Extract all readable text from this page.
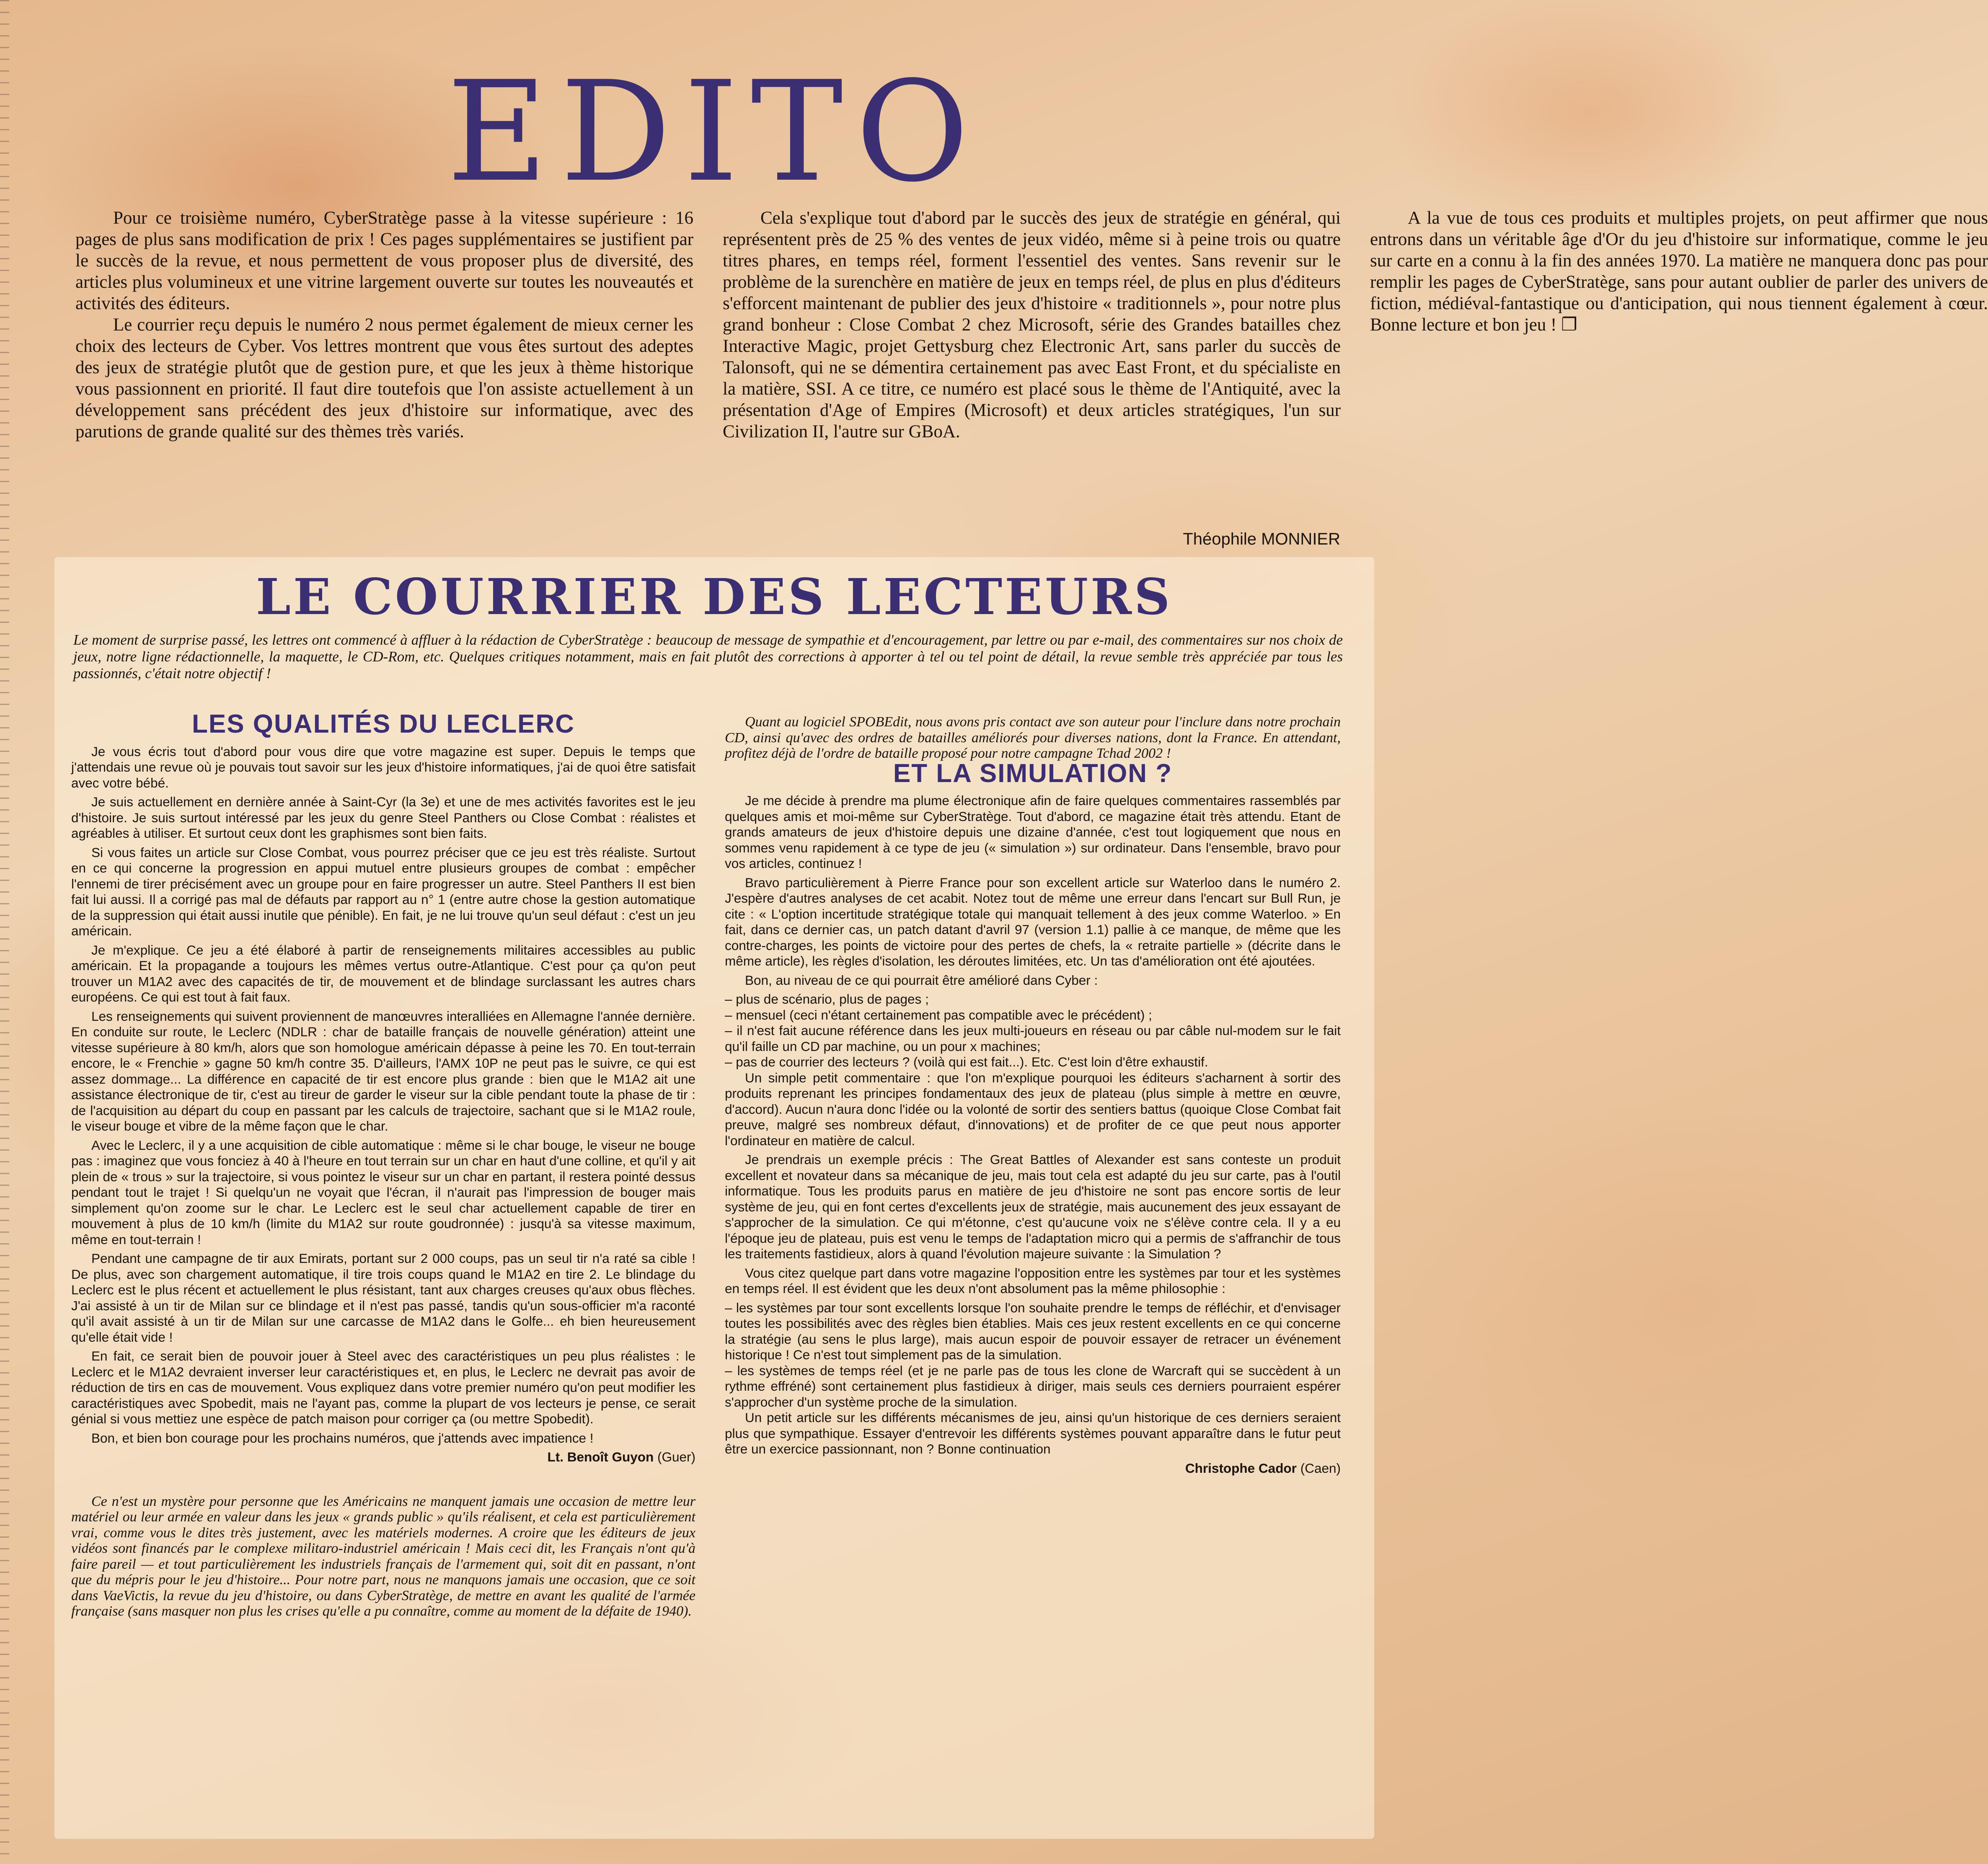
EDITO

Pour ce troisième numéro, CyberStratège passe à la vitesse supérieure : 16 pages de plus sans modification de prix ! Ces pages supplémentaires se justifient par le succès de la revue, et nous permettent de vous proposer plus de diversité, des articles plus volumineux et une vitrine largement ouverte sur toutes les nouveautés et activités des éditeurs.

Le courrier reçu depuis le numéro 2 nous permet également de mieux cerner les choix des lecteurs de Cyber. Vos lettres montrent que vous êtes surtout des adeptes des jeux de stratégie plutôt que de gestion pure, et que les jeux à thème historique vous passionnent en priorité. Il faut dire toutefois que l'on assiste actuellement à un développement sans précédent des jeux d'histoire sur informatique, avec des parutions de grande qualité sur des thèmes très variés.

Cela s'explique tout d'abord par le succès des jeux de stratégie en général, qui représentent près de 25 % des ventes de jeux vidéo, même si à peine trois ou quatre titres phares, en temps réel, forment l'essentiel des ventes. Sans revenir sur le problème de la surenchère en matière de jeux en temps réel, de plus en plus d'éditeurs s'efforcent maintenant de publier des jeux d'histoire « traditionnels », pour notre plus grand bonheur : Close Combat 2 chez Microsoft, série des Grandes batailles chez Interactive Magic, projet Gettysburg chez Electronic Art, sans parler du succès de Talonsoft, qui ne se démentira certainement pas avec East Front, et du spécialiste en la matière, SSI. A ce titre, ce numéro est placé sous le thème de l'Antiquité, avec la présentation d'Age of Empires (Microsoft) et deux articles stratégiques, l'un sur Civilization II, l'autre sur GBoA.

A la vue de tous ces produits et multiples projets, on peut affirmer que nous entrons dans un véritable âge d'Or du jeu d'histoire sur informatique, comme le jeu sur carte en a connu à la fin des années 1970. La matière ne manquera donc pas pour remplir les pages de CyberStratège, sans pour autant oublier de parler des univers de fiction, médiéval-fantastique ou d'anticipation, qui nous tiennent également à cœur. Bonne lecture et bon jeu ! ❐

Théophile MONNIER

LE COURRIER DES LECTEURS

Le moment de surprise passé, les lettres ont commencé à affluer à la rédaction de CyberStratège : beaucoup de message de sympathie et d'encouragement, par lettre ou par e-mail, des commentaires sur nos choix de jeux, notre ligne rédactionnelle, la maquette, le CD-Rom, etc. Quelques critiques notamment, mais en fait plutôt des corrections à apporter à tel ou tel point de détail, la revue semble très appréciée par tous les passionnés, c'était notre objectif !

LES QUALITÉS DU LECLERC

Je vous écris tout d'abord pour vous dire que votre magazine est super. Depuis le temps que j'attendais une revue où je pouvais tout savoir sur les jeux d'histoire informatiques, j'ai de quoi être satisfait avec votre bébé.

Je suis actuellement en dernière année à Saint-Cyr (la 3e) et une de mes activités favorites est le jeu d'histoire. Je suis surtout intéressé par les jeux du genre Steel Panthers ou Close Combat : réalistes et agréables à utiliser. Et surtout ceux dont les graphismes sont bien faits.

Si vous faites un article sur Close Combat, vous pourrez préciser que ce jeu est très réaliste. Surtout en ce qui concerne la progression en appui mutuel entre plusieurs groupes de combat : empêcher l'ennemi de tirer précisément avec un groupe pour en faire progresser un autre. Steel Panthers II est bien fait lui aussi. Il a corrigé pas mal de défauts par rapport au n° 1 (entre autre chose la gestion automatique de la suppression qui était aussi inutile que pénible). En fait, je ne lui trouve qu'un seul défaut : c'est un jeu américain.

Je m'explique. Ce jeu a été élaboré à partir de renseignements militaires accessibles au public américain. Et la propagande a toujours les mêmes vertus outre-Atlantique. C'est pour ça qu'on peut trouver un M1A2 avec des capacités de tir, de mouvement et de blindage surclassant les autres chars européens. Ce qui est tout à fait faux.

Les renseignements qui suivent proviennent de manœuvres interalliées en Allemagne l'année dernière. En conduite sur route, le Leclerc (NDLR : char de bataille français de nouvelle génération) atteint une vitesse supérieure à 80 km/h, alors que son homologue américain dépasse à peine les 70. En tout-terrain encore, le « Frenchie » gagne 50 km/h contre 35. D'ailleurs, l'AMX 10P ne peut pas le suivre, ce qui est assez dommage... La différence en capacité de tir est encore plus grande : bien que le M1A2 ait une assistance électronique de tir, c'est au tireur de garder le viseur sur la cible pendant toute la phase de tir : de l'acquisition au départ du coup en passant par les calculs de trajectoire, sachant que si le M1A2 roule, le viseur bouge et vibre de la même façon que le char.

Avec le Leclerc, il y a une acquisition de cible automatique : même si le char bouge, le viseur ne bouge pas : imaginez que vous fonciez à 40 à l'heure en tout terrain sur un char en haut d'une colline, et qu'il y ait plein de « trous » sur la trajectoire, si vous pointez le viseur sur un char en partant, il restera pointé dessus pendant tout le trajet ! Si quelqu'un ne voyait que l'écran, il n'aurait pas l'impression de bouger mais simplement qu'on zoome sur le char. Le Leclerc est le seul char actuellement capable de tirer en mouvement à plus de 10 km/h (limite du M1A2 sur route goudronnée) : jusqu'à sa vitesse maximum, même en tout-terrain !

Pendant une campagne de tir aux Emirats, portant sur 2 000 coups, pas un seul tir n'a raté sa cible ! De plus, avec son chargement automatique, il tire trois coups quand le M1A2 en tire 2. Le blindage du Leclerc est le plus récent et actuellement le plus résistant, tant aux charges creuses qu'aux obus flèches. J'ai assisté à un tir de Milan sur ce blindage et il n'est pas passé, tandis qu'un sous-officier m'a raconté qu'il avait assisté à un tir de Milan sur une carcasse de M1A2 dans le Golfe... eh bien heureusement qu'elle était vide !

En fait, ce serait bien de pouvoir jouer à Steel avec des caractéristiques un peu plus réalistes : le Leclerc et le M1A2 devraient inverser leur caractéristiques et, en plus, le Leclerc ne devrait pas avoir de réduction de tirs en cas de mouvement. Vous expliquez dans votre premier numéro qu'on peut modifier les caractéristiques avec Spobedit, mais ne l'ayant pas, comme la plupart de vos lecteurs je pense, ce serait génial si vous mettiez une espèce de patch maison pour corriger ça (ou mettre Spobedit).

Bon, et bien bon courage pour les prochains numéros, que j'attends avec impatience !

Lt. Benoît Guyon (Guer)

Ce n'est un mystère pour personne que les Américains ne manquent jamais une occasion de mettre leur matériel ou leur armée en valeur dans les jeux « grands public » qu'ils réalisent, et cela est particulièrement vrai, comme vous le dites très justement, avec les matériels modernes. A croire que les éditeurs de jeux vidéos sont financés par le complexe militaro-industriel américain ! Mais ceci dit, les Français n'ont qu'à faire pareil — et tout particulièrement les industriels français de l'armement qui, soit dit en passant, n'ont que du mépris pour le jeu d'histoire... Pour notre part, nous ne manquons jamais une occasion, que ce soit dans VaeVictis, la revue du jeu d'histoire, ou dans CyberStratège, de mettre en avant les qualité de l'armée française (sans masquer non plus les crises qu'elle a pu connaître, comme au moment de la défaite de 1940).

Quant au logiciel SPOBEdit, nous avons pris contact ave son auteur pour l'inclure dans notre prochain CD, ainsi qu'avec des ordres de batailles améliorés pour diverses nations, dont la France. En attendant, profitez déjà de l'ordre de bataille proposé pour notre campagne Tchad 2002 !

ET LA SIMULATION ?

Je me décide à prendre ma plume électronique afin de faire quelques commentaires rassemblés par quelques amis et moi-même sur CyberStratège. Tout d'abord, ce magazine était très attendu. Etant de grands amateurs de jeux d'histoire depuis une dizaine d'année, c'est tout logiquement que nous en sommes venu rapidement à ce type de jeu (« simulation ») sur ordinateur. Dans l'ensemble, bravo pour vos articles, continuez !

Bravo particulièrement à Pierre France pour son excellent article sur Waterloo dans le numéro 2. J'espère d'autres analyses de cet acabit. Notez tout de même une erreur dans l'encart sur Bull Run, je cite : « L'option incertitude stratégique totale qui manquait tellement à des jeux comme Waterloo. » En fait, dans ce dernier cas, un patch datant d'avril 97 (version 1.1) pallie à ce manque, de même que les contre-charges, les points de victoire pour des pertes de chefs, la « retraite partielle » (décrite dans le même article), les règles d'isolation, les déroutes limitées, etc. Un tas d'amélioration ont été ajoutées.

Bon, au niveau de ce qui pourrait être amélioré dans Cyber :

– plus de scénario, plus de pages ;

– mensuel (ceci n'étant certainement pas compatible avec le précédent) ;

– il n'est fait aucune référence dans les jeux multi-joueurs en réseau ou par câble nul-modem sur le fait qu'il faille un CD par machine, ou un pour x machines;

– pas de courrier des lecteurs ? (voilà qui est fait...). Etc. C'est loin d'être exhaustif.

Un simple petit commentaire : que l'on m'explique pourquoi les éditeurs s'acharnent à sortir des produits reprenant les principes fondamentaux des jeux de plateau (plus simple à mettre en œuvre, d'accord). Aucun n'aura donc l'idée ou la volonté de sortir des sentiers battus (quoique Close Combat fait preuve, malgré ses nombreux défaut, d'innovations) et de profiter de ce que peut nous apporter l'ordinateur en matière de calcul.

Je prendrais un exemple précis : The Great Battles of Alexander est sans conteste un produit excellent et novateur dans sa mécanique de jeu, mais tout cela est adapté du jeu sur carte, pas à l'outil informatique. Tous les produits parus en matière de jeu d'histoire ne sont pas encore sortis de leur système de jeu, qui en font certes d'excellents jeux de stratégie, mais aucunement des jeux essayant de s'approcher de la simulation. Ce qui m'étonne, c'est qu'aucune voix ne s'élève contre cela. Il y a eu l'époque jeu de plateau, puis est venu le temps de l'adaptation micro qui a permis de s'affranchir de tous les traitements fastidieux, alors à quand l'évolution majeure suivante : la Simulation ?

Vous citez quelque part dans votre magazine l'opposition entre les systèmes par tour et les systèmes en temps réel. Il est évident que les deux n'ont absolument pas la même philosophie :

– les systèmes par tour sont excellents lorsque l'on souhaite prendre le temps de réfléchir, et d'envisager toutes les possibilités avec des règles bien établies. Mais ces jeux restent excellents en ce qui concerne la stratégie (au sens le plus large), mais aucun espoir de pouvoir essayer de retracer un événement historique ! Ce n'est tout simplement pas de la simulation.

– les systèmes de temps réel (et je ne parle pas de tous les clone de Warcraft qui se succèdent à un rythme effréné) sont certainement plus fastidieux à diriger, mais seuls ces derniers pourraient espérer s'approcher d'un système proche de la simulation.

Un petit article sur les différents mécanismes de jeu, ainsi qu'un historique de ces derniers seraient plus que sympathique. Essayer d'entrevoir les différents systèmes pouvant apparaître dans le futur peut être un exercice passionnant, non ? Bonne continuation

Christophe Cador (Caen)
